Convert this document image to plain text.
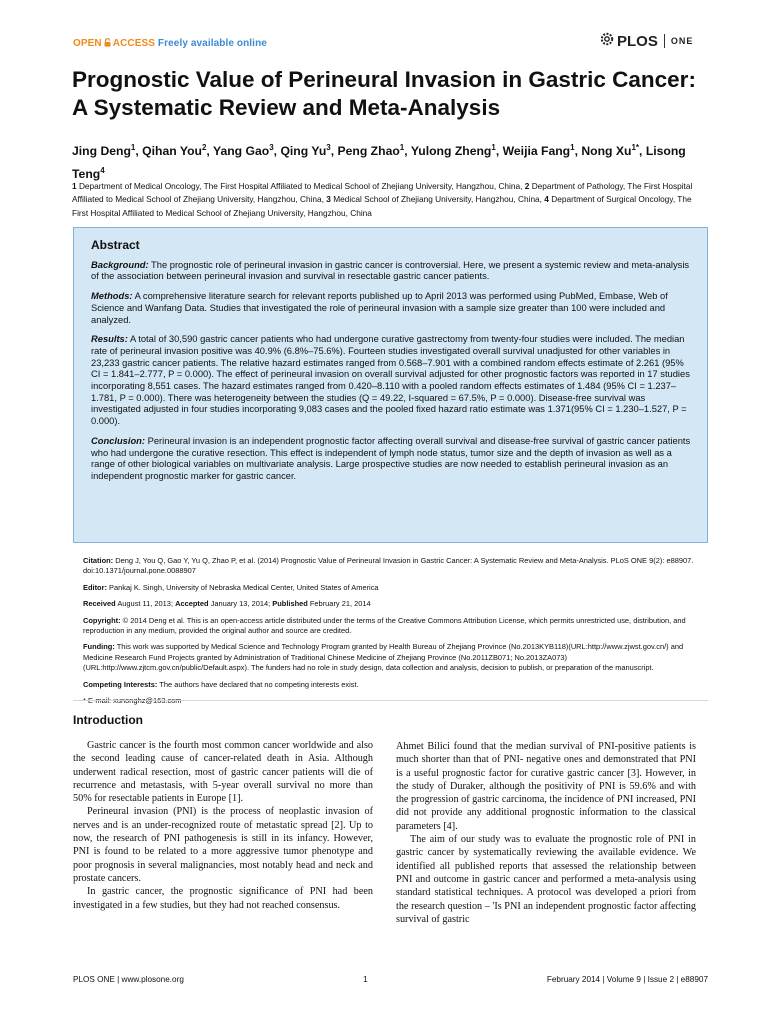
OPEN ACCESS Freely available online	PLOS ONE
Prognostic Value of Perineural Invasion in Gastric Cancer: A Systematic Review and Meta-Analysis
Jing Deng$^1$, Qihan You$^2$, Yang Gao$^3$, Qing Yu$^3$, Peng Zhao$^1$, Yulong Zheng$^1$, Weijia Fang$^1$, Nong $Xu^{1*}$, Lisong Teng$^4$
1 Department of Medical Oncology, The First Hospital Affiliated to Medical School of Zhejiang University, Hangzhou, China, 2 Department of Pathology, The First Hospital Affiliated to Medical School of Zhejiang University, Hangzhou, China, 3 Medical School of Zhejiang University, Hangzhou, China, 4 Department of Surgical Oncology, The First Hospital Affiliated to Medical School of Zhejiang University, Hangzhou, China
Abstract

Background: The prognostic role of perineural invasion in gastric cancer is controversial. Here, we present a systemic review and meta-analysis of the association between perineural invasion and survival in resectable gastric cancer patients.

Methods: A comprehensive literature search for relevant reports published up to April 2013 was performed using PubMed, Embase, Web of Science and Wanfang Data. Studies that investigated the role of perineural invasion with a sample size greater than 100 were included and analyzed.

Results: A total of 30,590 gastric cancer patients who had undergone curative gastrectomy from twenty-four studies were included. The median rate of perineural invasion positive was 40.9% (6.8%–75.6%). Fourteen studies investigated overall survival unadjusted for other variables in 23,233 gastric cancer patients. The relative hazard estimates ranged from 0.568–7.901 with a combined random effects estimate of 2.261 (95% CI = 1.841–2.777, P = 0.000). The effect of perineural invasion on overall survival adjusted for other prognostic factors was reported in 17 studies incorporating 8,551 cases. The hazard estimates ranged from 0.420–8.110 with a pooled random effects estimates of 1.484 (95% CI = 1.237–1.781, P = 0.000). There was heterogeneity between the studies (Q = 49.22, I-squared = 67.5%, P = 0.000). Disease-free survival was investigated adjusted in four studies incorporating 9,083 cases and the pooled fixed hazard ratio estimate was 1.371(95% CI = 1.230–1.527, P = 0.000).

Conclusion: Perineural invasion is an independent prognostic factor affecting overall survival and disease-free survival of gastric cancer patients who had undergone the curative resection. This effect is independent of lymph node status, tumor size and the depth of invasion as well as a range of other biological variables on multivariate analysis. Large prospective studies are now needed to establish perineural invasion as an independent prognostic marker for gastric cancer.

Citation: Deng J, You Q, Gao Y, Yu Q, Zhao P, et al. (2014) Prognostic Value of Perineural Invasion in Gastric Cancer: A Systematic Review and Meta-Analysis. PLoS ONE 9(2): e88907. doi:10.1371/journal.pone.0088907

Editor: Pankaj K. Singh, University of Nebraska Medical Center, United States of America

Received August 11, 2013; Accepted January 13, 2014; Published February 21, 2014

Copyright: © 2014 Deng et al. This is an open-access article distributed under the terms of the Creative Commons Attribution License, which permits unrestricted use, distribution, and reproduction in any medium, provided the original author and source are credited.

Funding: This work was supported by Medical Science and Technology Program granted by Health Bureau of Zhejiang Province (No.2013KYB118)(URL:http://www.zjwst.gov.cn/) and Medicine Research Fund Projects granted by Administration of Traditional Chinese Medicine of Zhejiang Province (No.2011ZB071; No.2013ZA073)(URL:http://www.zjtcm.gov.cn/public/Default.aspx). The funders had no role in study design, data collection and analysis, decision to publish, or preparation of the manuscript.

Competing Interests: The authors have declared that no competing interests exist.

Introduction

Gastric cancer is the fourth most common cancer worldwide and also the second leading cause of cancer-related death in Asia. Although underwent radical resection, most of gastric cancer patients will die of recurrence and metastasis, with 5-year overall survival no more than 50% for resectable patients in Europe [1].

Perineural invasion (PNI) is the process of neoplastic invasion of nerves and is an under-recognized route of metastatic spread [2]. Up to now, the research of PNI pathogenesis is still in its infancy. However, PNI is found to be related to a more aggressive tumor phenotype and poor prognosis in several malignancies, most notably head and neck and prostate cancers.

In gastric cancer, the prognostic significance of PNI had been investigated in a few studies, but they had not reached consensus.

Ahmet Bilici found that the median survival of PNI-positive patients is much shorter than that of PNI- negative ones and demonstrated that PNI is a useful prognostic factor for curative gastric cancer [3]. However, in the study of Duraker, although the positivity of PNI is 59.6% and with the progression of gastric carcinoma, the incidence of PNI increased, PNI did not provide any additional prognostic information to the classical parameters [4].

The aim of our study was to evaluate the prognostic role of PNI in gastric cancer by systematically reviewing the available evidence. We identified all published reports that assessed the relationship between PNI and outcome in gastric cancer and performed a meta-analysis using standard statistical techniques. A protocol was developed a priori from the research question – 'Is PNI an independent prognostic factor affecting survival of gastric

PLOS ONE | www.plosone.org	1	February 2014 | Volume 9 | Issue 2 | e88907
